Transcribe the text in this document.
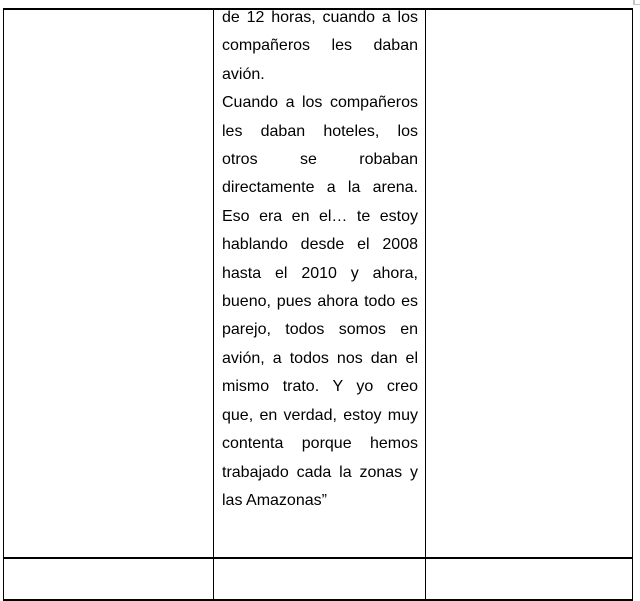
de 12 horas, cuando a los
compañeros les daban
avión.
Cuando a los compañeros
les daban hoteles, los
otros se robaban
directamente a la arena.
Eso era en el… te estoy
hablando desde el 2008
hasta el 2010 y ahora,
bueno, pues ahora todo es
parejo, todos somos en
avión, a todos nos dan el
mismo trato. Y yo creo
que, en verdad, estoy muy
contenta porque hemos
trabajado cada la zonas y
las Amazonas”
